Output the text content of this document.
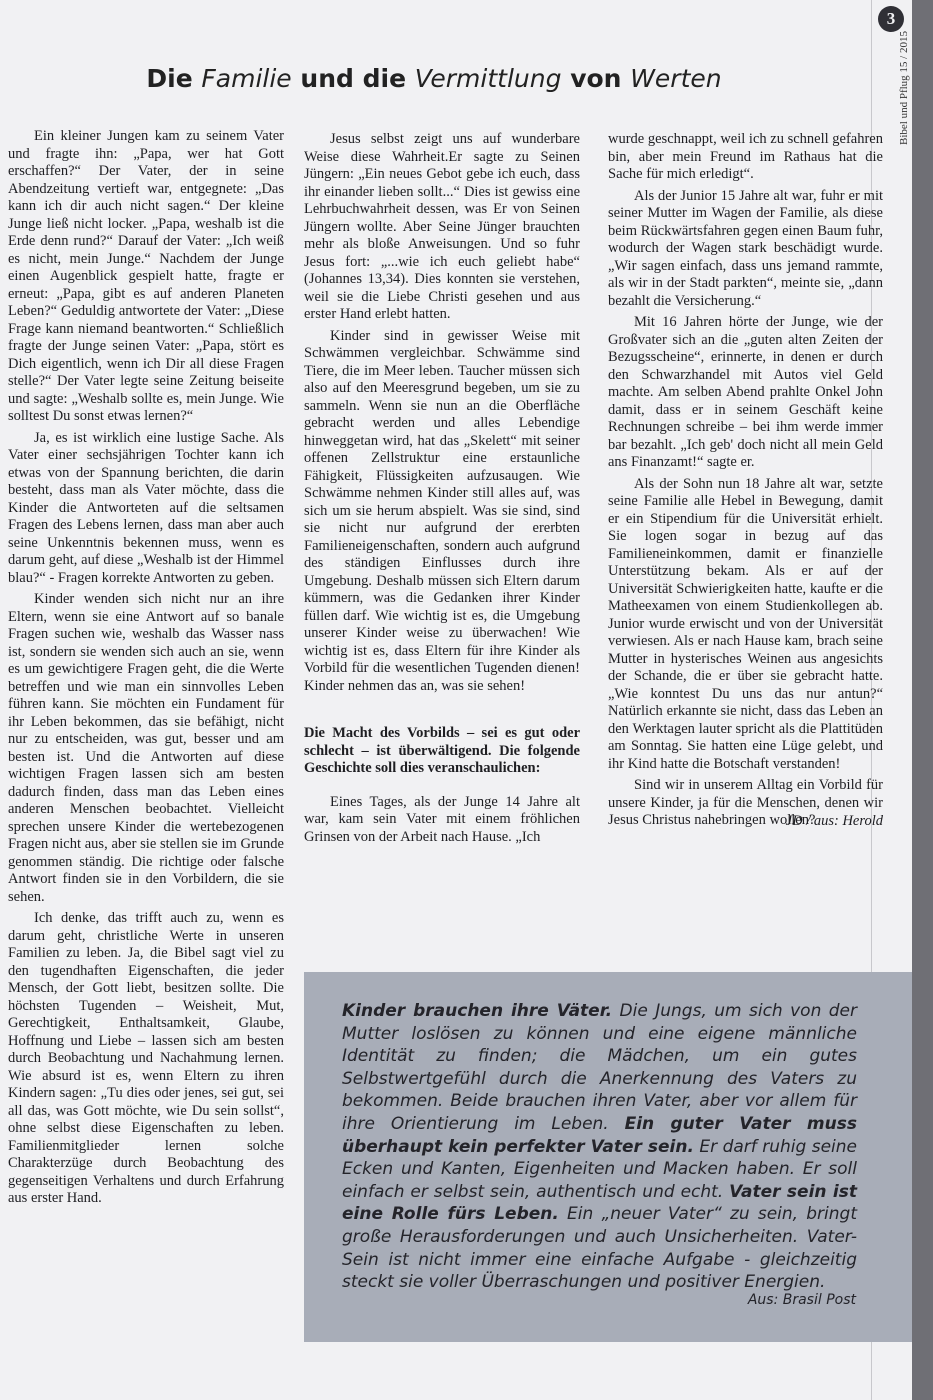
3
Bibel und Pflug 15 / 2015
Die Familie und die Vermittlung von Werten

Ein kleiner Jungen kam zu seinem Vater und fragte ihn: „Papa, wer hat Gott erschaffen?“ Der Vater, der in seine Abendzeitung vertieft war, entgegnete: „Das kann ich dir auch nicht sagen.“ Der kleine Junge ließ nicht locker. „Papa, weshalb ist die Erde denn rund?“ Darauf der Vater: „Ich weiß es nicht, mein Junge.“ Nachdem der Junge einen Augenblick gespielt hatte, fragte er erneut: „Papa, gibt es auf anderen Planeten Leben?“ Geduldig antwortete der Vater: „Diese Frage kann niemand beantworten.“ Schließlich fragte der Junge seinen Vater: „Papa, stört es Dich eigentlich, wenn ich Dir all diese Fragen stelle?“ Der Vater legte seine Zeitung beiseite und sagte: „Weshalb sollte es, mein Junge. Wie solltest Du sonst etwas lernen?“

Ja, es ist wirklich eine lustige Sache. Als Vater einer sechsjährigen Tochter kann ich etwas von der Spannung berichten, die darin besteht, dass man als Vater möchte, dass die Kinder die Antworteten auf die seltsamen Fragen des Lebens lernen, dass man aber auch seine Unkenntnis bekennen muss, wenn es darum geht, auf diese „Weshalb ist der Himmel blau?“ - Fragen korrekte Antworten zu geben.

Kinder wenden sich nicht nur an ihre Eltern, wenn sie eine Antwort auf so banale Fragen suchen wie, weshalb das Wasser nass ist, sondern sie wenden sich auch an sie, wenn es um gewichtigere Fragen geht, die die Werte betreffen und wie man ein sinnvolles Leben führen kann. Sie möchten ein Fundament für ihr Leben bekommen, das sie befähigt, nicht nur zu entscheiden, was gut, besser und am besten ist. Und die Antworten auf diese wichtigen Fragen lassen sich am besten dadurch finden, dass man das Leben eines anderen Menschen beobachtet. Vielleicht sprechen unsere Kinder die wertebezogenen Fragen nicht aus, aber sie stellen sie im Grunde genommen ständig. Die richtige oder falsche Antwort finden sie in den Vorbildern, die sie sehen.

Ich denke, das trifft auch zu, wenn es darum geht, christliche Werte in unseren Familien zu leben. Ja, die Bibel sagt viel zu den tugendhaften Eigenschaften, die jeder Mensch, der Gott liebt, besitzen sollte. Die höchsten Tugenden – Weisheit, Mut, Gerechtigkeit, Enthaltsamkeit, Glaube, Hoffnung und Liebe – lassen sich am besten durch Beobachtung und Nachahmung lernen. Wie absurd ist es, wenn Eltern zu ihren Kindern sagen: „Tu dies oder jenes, sei gut, sei all das, was Gott möchte, wie Du sein sollst“, ohne selbst diese Eigenschaften zu leben. Familienmitglieder lernen solche Charakterzüge durch Beobachtung des gegenseitigen Verhaltens und durch Erfahrung aus erster Hand.

Jesus selbst zeigt uns auf wunderbare Weise diese Wahrheit.Er sagte zu Seinen Jüngern: „Ein neues Gebot gebe ich euch, dass ihr einander lieben sollt...“ Dies ist gewiss eine Lehrbuchwahrheit dessen, was Er von Seinen Jüngern wollte. Aber Seine Jünger brauchten mehr als bloße Anweisungen. Und so fuhr Jesus fort: „...wie ich euch geliebt habe“ (Johannes 13,34). Dies konnten sie verstehen, weil sie die Liebe Christi gesehen und aus erster Hand erlebt hatten.

Kinder sind in gewisser Weise mit Schwämmen vergleichbar. Schwämme sind Tiere, die im Meer leben. Taucher müssen sich also auf den Meeresgrund begeben, um sie zu sammeln. Wenn sie nun an die Oberfläche gebracht werden und alles Lebendige hinweggetan wird, hat das „Skelett“ mit seiner offenen Zellstruktur eine erstaunliche Fähigkeit, Flüssigkeiten aufzusaugen. Wie Schwämme nehmen Kinder still alles auf, was sich um sie herum abspielt. Was sie sind, sind sie nicht nur aufgrund der ererbten Familieneigenschaften, sondern auch aufgrund des ständigen Einflusses durch ihre Umgebung. Deshalb müssen sich Eltern darum kümmern, was die Gedanken ihrer Kinder füllen darf. Wie wichtig ist es, die Umgebung unserer Kinder weise zu überwachen! Wie wichtig ist es, dass Eltern für ihre Kinder als Vorbild für die wesentlichen Tugenden dienen! Kinder nehmen das an, was sie sehen!

Die Macht des Vorbilds – sei es gut oder schlecht – ist überwältigend. Die folgende Geschichte soll dies veranschaulichen:

Eines Tages, als der Junge 14 Jahre alt war, kam sein Vater mit einem fröhlichen Grinsen von der Arbeit nach Hause. „Ich

wurde geschnappt, weil ich zu schnell gefahren bin, aber mein Freund im Rathaus hat die Sache für mich erledigt“.

Als der Junior 15 Jahre alt war, fuhr er mit seiner Mutter im Wagen der Familie, als diese beim Rückwärtsfahren gegen einen Baum fuhr, wodurch der Wagen stark beschädigt wurde. „Wir sagen einfach, dass uns jemand rammte, als wir in der Stadt parkten“, meinte sie, „dann bezahlt die Versicherung.“

Mit 16 Jahren hörte der Junge, wie der Großvater sich an die „guten alten Zeiten der Bezugsscheine“, erinnerte, in denen er durch den Schwarzhandel mit Autos viel Geld machte. Am selben Abend prahlte Onkel John damit, dass er in seinem Geschäft keine Rechnungen schreibe – bei ihm werde immer bar bezahlt. „Ich geb' doch nicht all mein Geld ans Finanzamt!“ sagte er.

Als der Sohn nun 18 Jahre alt war, setzte seine Familie alle Hebel in Bewegung, damit er ein Stipendium für die Universität erhielt. Sie logen sogar in bezug auf das Familieneinkommen, damit er finanzielle Unterstützung bekam. Als er auf der Universität Schwierigkeiten hatte, kaufte er die Matheexamen von einem Studienkollegen ab. Junior wurde erwischt und von der Universität verwiesen. Als er nach Hause kam, brach seine Mutter in hysterisches Weinen aus angesichts der Schande, die er über sie gebracht hatte. „Wie konntest Du uns das nur antun?“ Natürlich erkannte sie nicht, dass das Leben an den Werktagen lauter spricht als die Plattitüden am Sonntag. Sie hatten eine Lüge gelebt, und ihr Kind hatte die Botschaft verstanden!

Sind wir in unserem Alltag ein Vorbild für unsere Kinder, ja für die Menschen, denen wir Jesus Christus nahebringen wollen?

JD / aus: Herold
Kinder brauchen ihre Väter. Die Jungs, um sich von der Mutter loslösen zu können und eine eigene männliche Identität zu finden; die Mädchen, um ein gutes Selbstwertgefühl durch die Anerkennung des Vaters zu bekommen. Beide brauchen ihren Vater, aber vor allem für ihre Orientierung im Leben. Ein guter Vater muss überhaupt kein perfekter Vater sein. Er darf ruhig seine Ecken und Kanten, Eigenheiten und Macken haben. Er soll einfach er selbst sein, authentisch und echt. Vater sein ist eine Rolle fürs Leben. Ein „neuer Vater“ zu sein, bringt große Herausforderungen und auch Unsicherheiten. Vater-Sein ist nicht immer eine einfache Aufgabe - gleichzeitig steckt sie voller Überraschungen und positiver Energien.
Aus: Brasil Post
